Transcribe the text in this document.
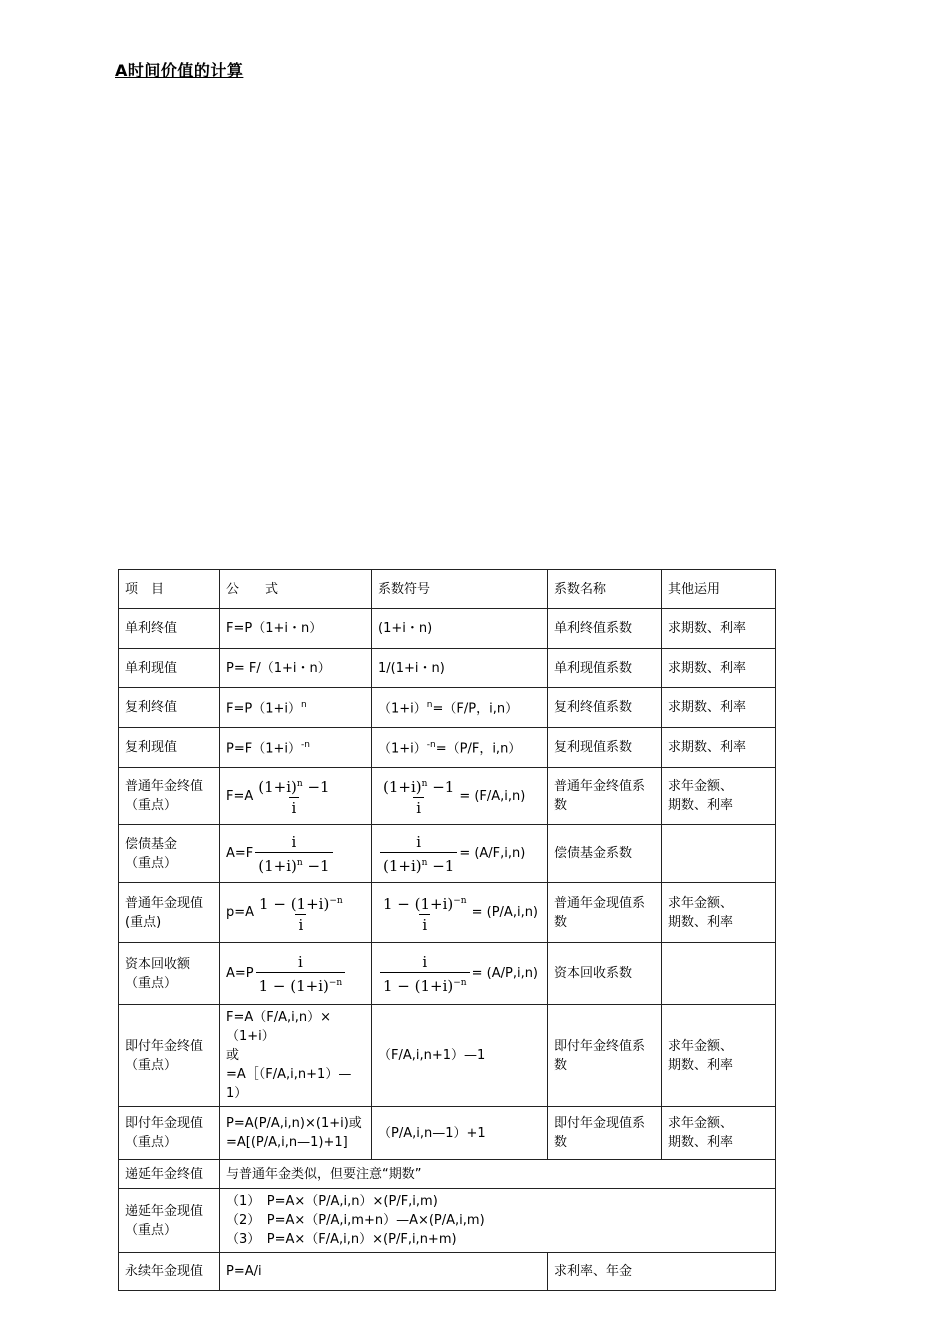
A时间价值的计算
项　目	公　　式	系数符号	系数名称	其他运用
单利终值	F=P（1+i・n）	(1+i・n)	单利终值系数	求期数、利率
单利现值	P= F/（1+i・n）	1/(1+i・n)	单利现值系数	求期数、利率
复利终值	$F=P(1+i)^n$	$(1+i)^n=(F/P$，i,n）	复利终值系数	求期数、利率
复利现值	$P=F(1+i)^{-n}$	$(1+i)^{-n}=(P/F$，i,n）	复利现值系数	求期数、利率

普通年金终值
（重点）	$F=A \frac{(1+i)^n -1}{i}$	$\frac{(1+i)^n -1}{i} = (F/A,i,n)$	普通年金终值系数	求年金额、
期数、利率

偿债基金
（重点）	$A=F \frac{i}{(1+i)^n -1}$	$\frac{i}{(1+i)^n -1} = (A/F,i,n)$	偿债基金系数	

普通年金现值
(重点)	$p=A \frac{1 - (1+i)^{-n}}{i}$	$\frac{1 - (1+i)^{-n}}{i} = (P/A,i,n)$	普通年金现值系数	求年金额、
期数、利率

资本回收额
（重点）	$A=P \frac{i}{1 - (1+i)^{-n}}$	$\frac{i}{1 - (1+i)^{-n}} = (A/P,i,n)$	资本回收系数	

即付年金终值
（重点）	F=A（F/A,i,n）×（1+i）
或
=A［（F/A,i,n+1）—1）	（F/A,i,n+1）—1	即付年金终值系数	求年金额、
期数、利率

即付年金现值
（重点）	P=A(P/A,i,n)×(1+i)或
=A[(P/A,i,n—1)+1]	（P/A,i,n—1）+1	即付年金现值系数	求年金额、
期数、利率

递延年金终值	与普通年金类似，但要注意“期数”			

递延年金现值
（重点）	（1）　P=A×（P/A,i,n）×(P/F,i,m)
（2）　P=A×（P/A,i,m+n）—A×(P/A,i,m)
（3）　P=A×（F/A,i,n）×(P/F,i,n+m)			

永续年金现值	P=A/i		求利率、年金	
